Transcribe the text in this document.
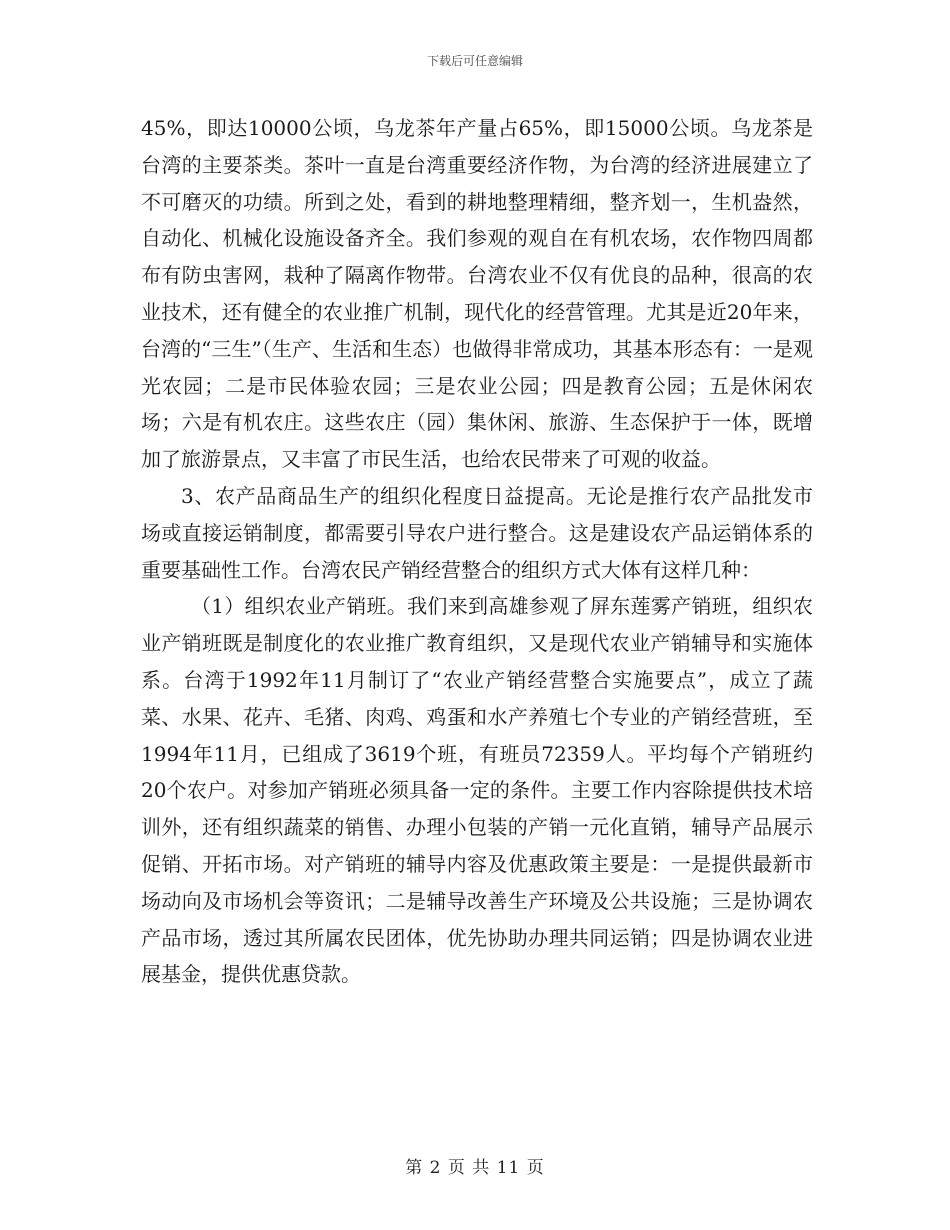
下载后可任意编辑

45%，即达10000公顷，乌龙茶年产量占65%，即15000公顷。乌龙茶是台湾的主要茶类。茶叶一直是台湾重要经济作物，为台湾的经济进展建立了不可磨灭的功绩。所到之处，看到的耕地整理精细，整齐划一，生机盎然，自动化、机械化设施设备齐全。我们参观的观自在有机农场，农作物四周都布有防虫害网，栽种了隔离作物带。台湾农业不仅有优良的品种，很高的农业技术，还有健全的农业推广机制，现代化的经营管理。尤其是近20年来，台湾的“三生”（生产、生活和生态）也做得非常成功，其基本形态有：一是观光农园；二是市民体验农园；三是农业公园；四是教育公园；五是休闲农场；六是有机农庄。这些农庄（园）集休闲、旅游、生态保护于一体，既增加了旅游景点，又丰富了市民生活，也给农民带来了可观的收益。

3、农产品商品生产的组织化程度日益提高。无论是推行农产品批发市场或直接运销制度，都需要引导农户进行整合。这是建设农产品运销体系的重要基础性工作。台湾农民产销经营整合的组织方式大体有这样几种：

（1）组织农业产销班。我们来到高雄参观了屏东莲雾产销班，组织农业产销班既是制度化的农业推广教育组织，又是现代农业产销辅导和实施体系。台湾于1992年11月制订了“农业产销经营整合实施要点”，成立了蔬菜、水果、花卉、毛猪、肉鸡、鸡蛋和水产养殖七个专业的产销经营班，至1994年11月，已组成了3619个班，有班员72359人。平均每个产销班约20个农户。对参加产销班必须具备一定的条件。主要工作内容除提供技术培训外，还有组织蔬菜的销售、办理小包装的产销一元化直销，辅导产品展示促销、开拓市场。对产销班的辅导内容及优惠政策主要是：一是提供最新市场动向及市场机会等资讯；二是辅导改善生产环境及公共设施；三是协调农产品市场，透过其所属农民团体，优先协助办理共同运销；四是协调农业进展基金，提供优惠贷款。

第 2 页 共 11 页
